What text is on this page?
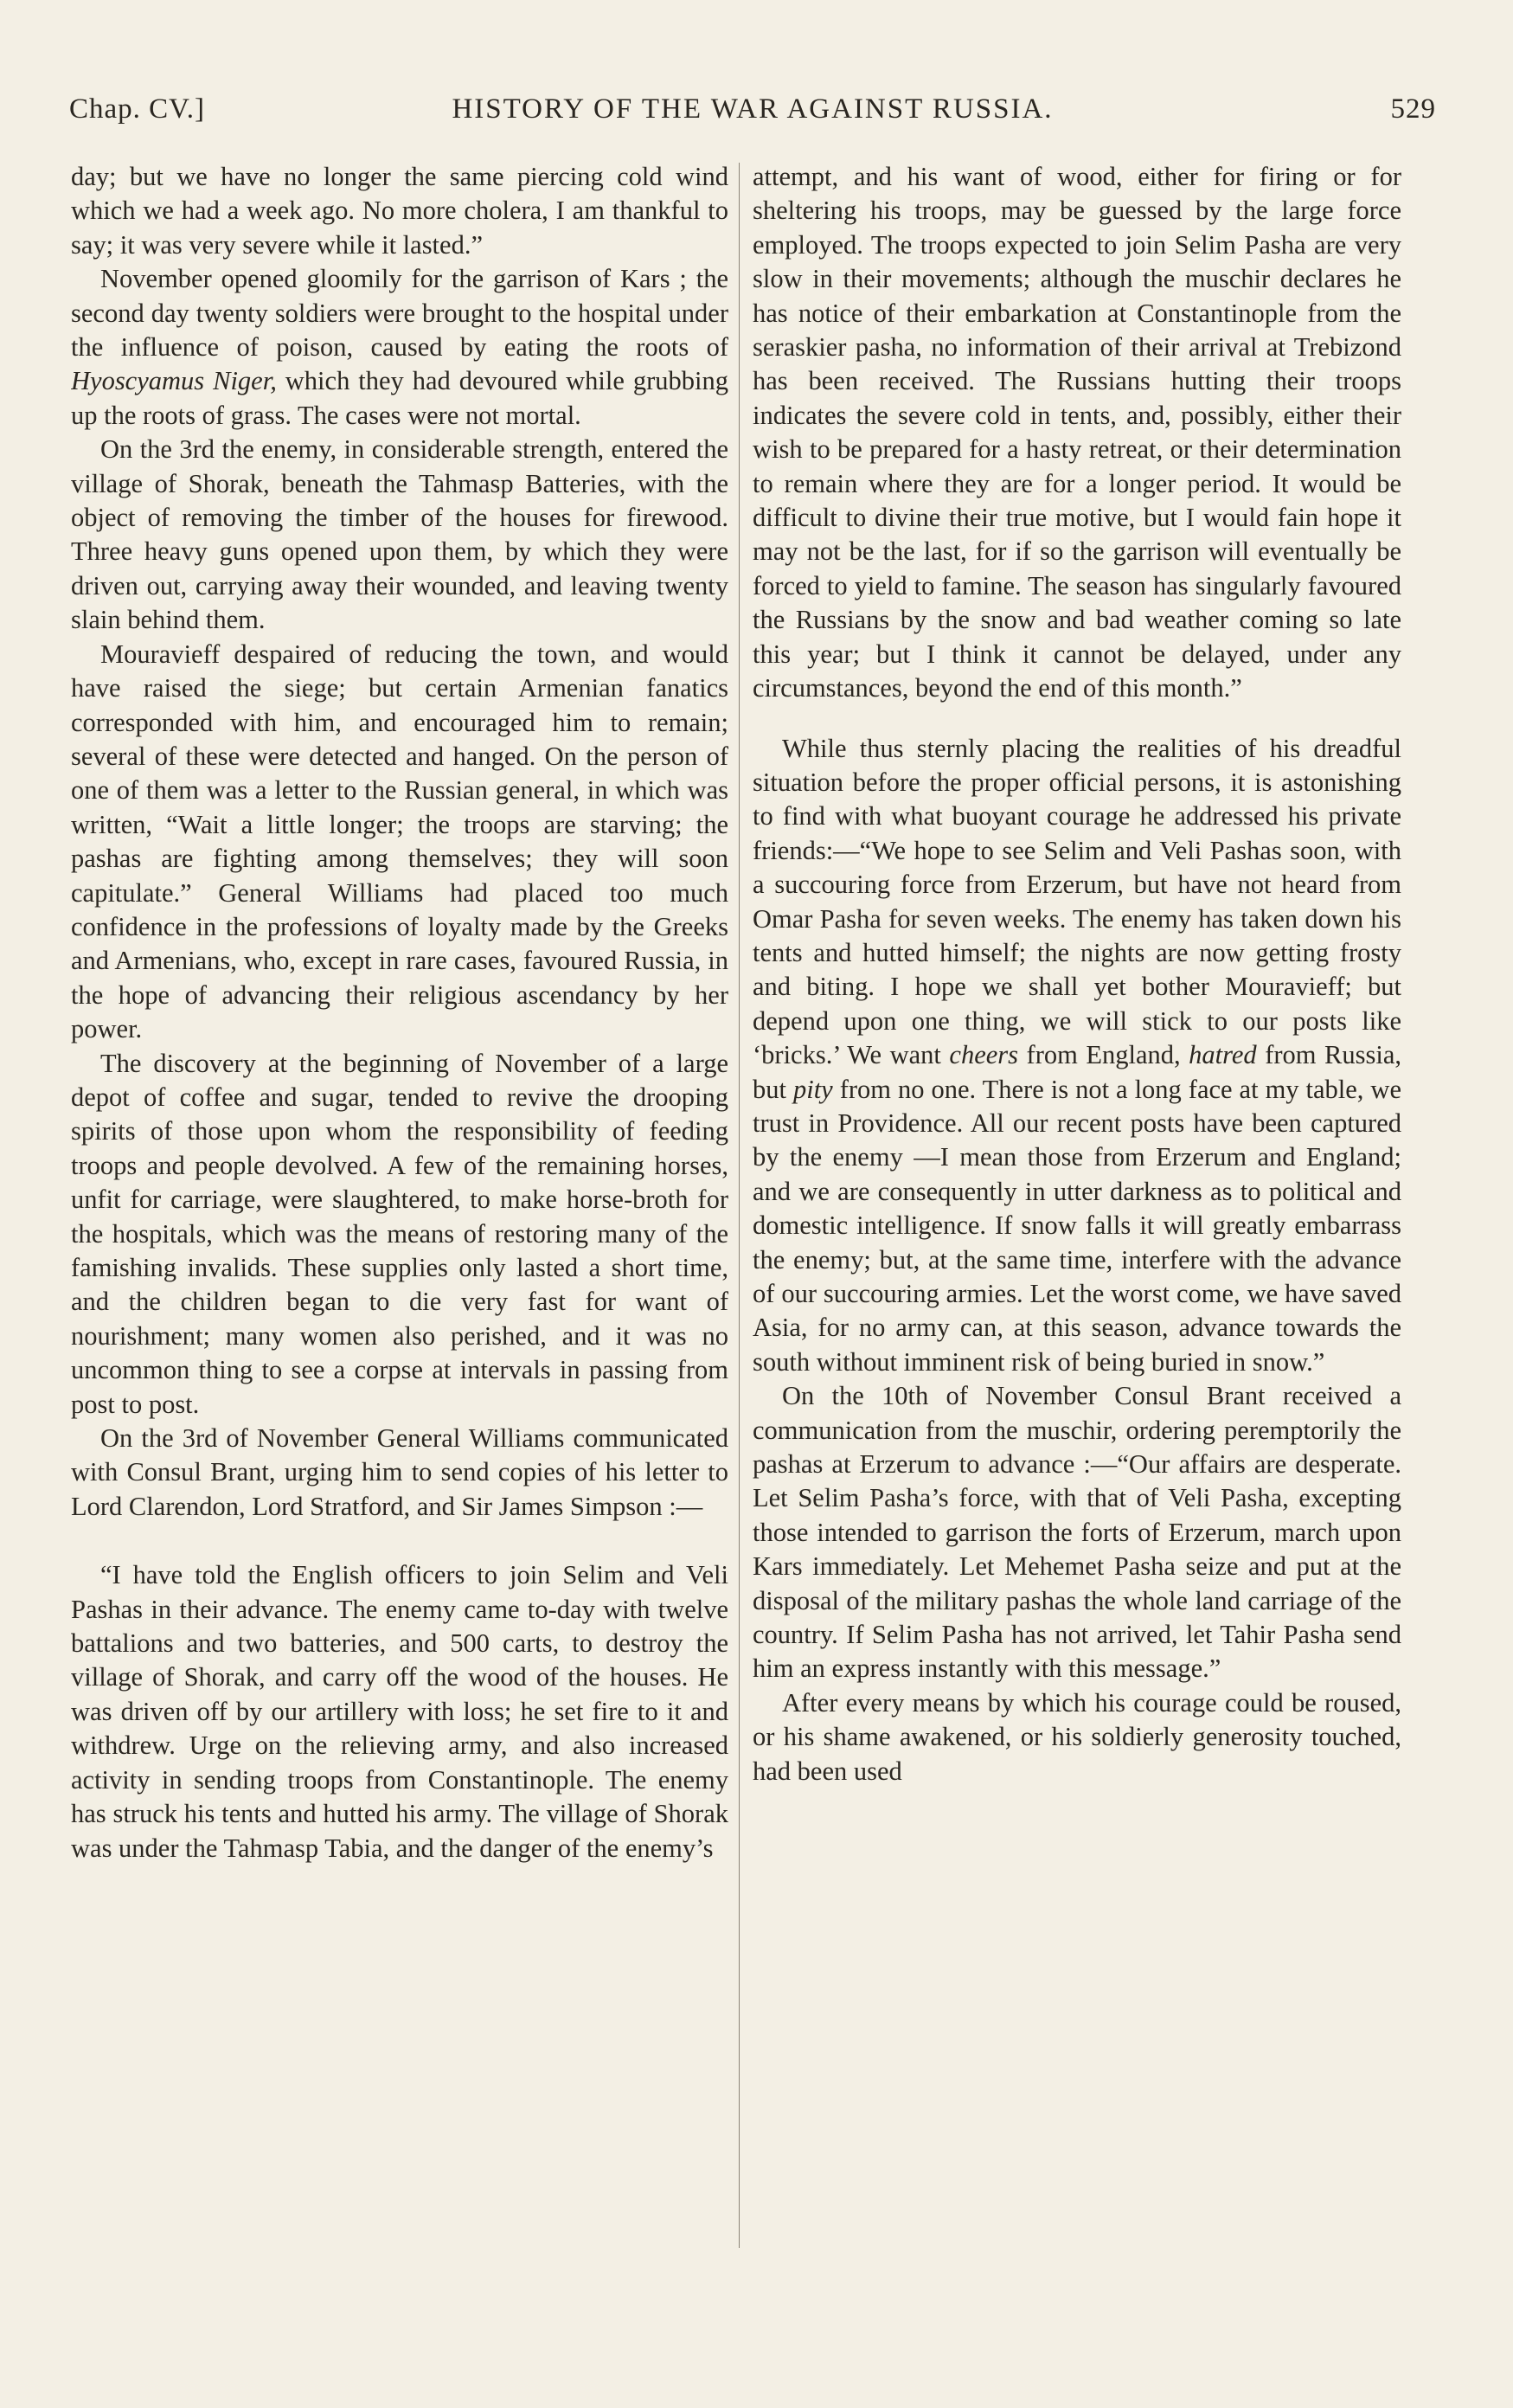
Chap. CV.]	HISTORY OF THE WAR AGAINST RUSSIA.	529

day; but we have no longer the same piercing cold wind which we had a week ago. No more cholera, I am thankful to say; it was very severe while it lasted.”

November opened gloomily for the garrison of Kars ; the second day twenty soldiers were brought to the hospital under the influence of poison, caused by eating the roots of Hyoscyamus Niger, which they had devoured while grubbing up the roots of grass. The cases were not mortal.

On the 3rd the enemy, in considerable strength, entered the village of Shorak, beneath the Tahmasp Batteries, with the object of removing the timber of the houses for firewood. Three heavy guns opened upon them, by which they were driven out, carrying away their wounded, and leaving twenty slain behind them.

Mouravieff despaired of reducing the town, and would have raised the siege; but certain Armenian fanatics corresponded with him, and encouraged him to remain; several of these were detected and hanged. On the person of one of them was a letter to the Russian general, in which was written, “Wait a little longer; the troops are starving; the pashas are fighting among themselves; they will soon capitulate.” General Williams had placed too much confidence in the professions of loyalty made by the Greeks and Armenians, who, except in rare cases, favoured Russia, in the hope of advancing their religious ascendancy by her power.

The discovery at the beginning of November of a large depot of coffee and sugar, tended to revive the drooping spirits of those upon whom the responsibility of feeding troops and people devolved. A few of the remaining horses, unfit for carriage, were slaughtered, to make horse-broth for the hospitals, which was the means of restoring many of the famishing invalids. These supplies only lasted a short time, and the children began to die very fast for want of nourishment; many women also perished, and it was no uncommon thing to see a corpse at intervals in passing from post to post.

On the 3rd of November General Williams communicated with Consul Brant, urging him to send copies of his letter to Lord Clarendon, Lord Stratford, and Sir James Simpson :—

“I have told the English officers to join Selim and Veli Pashas in their advance. The enemy came to-day with twelve battalions and two batteries, and 500 carts, to destroy the village of Shorak, and carry off the wood of the houses. He was driven off by our artillery with loss; he set fire to it and withdrew. Urge on the relieving army, and also increased activity in sending troops from Constantinople. The enemy has struck his tents and hutted his army. The village of Shorak was under the Tahmasp Tabia, and the danger of the enemy’s

attempt, and his want of wood, either for firing or for sheltering his troops, may be guessed by the large force employed. The troops expected to join Selim Pasha are very slow in their movements; although the muschir declares he has notice of their embarkation at Constantinople from the seraskier pasha, no information of their arrival at Trebizond has been received. The Russians hutting their troops indicates the severe cold in tents, and, possibly, either their wish to be prepared for a hasty retreat, or their determination to remain where they are for a longer period. It would be difficult to divine their true motive, but I would fain hope it may not be the last, for if so the garrison will eventually be forced to yield to famine. The season has singularly favoured the Russians by the snow and bad weather coming so late this year; but I think it cannot be delayed, under any circumstances, beyond the end of this month.”

While thus sternly placing the realities of his dreadful situation before the proper official persons, it is astonishing to find with what buoyant courage he addressed his private friends:—“We hope to see Selim and Veli Pashas soon, with a succouring force from Erzerum, but have not heard from Omar Pasha for seven weeks. The enemy has taken down his tents and hutted himself; the nights are now getting frosty and biting. I hope we shall yet bother Mouravieff; but depend upon one thing, we will stick to our posts like ‘bricks.’ We want cheers from England, hatred from Russia, but pity from no one. There is not a long face at my table, we trust in Providence. All our recent posts have been captured by the enemy —I mean those from Erzerum and England; and we are consequently in utter darkness as to political and domestic intelligence. If snow falls it will greatly embarrass the enemy; but, at the same time, interfere with the advance of our succouring armies. Let the worst come, we have saved Asia, for no army can, at this season, advance towards the south without imminent risk of being buried in snow.”

On the 10th of November Consul Brant received a communication from the muschir, ordering peremptorily the pashas at Erzerum to advance :—“Our affairs are desperate. Let Selim Pasha’s force, with that of Veli Pasha, excepting those intended to garrison the forts of Erzerum, march upon Kars immediately. Let Mehemet Pasha seize and put at the disposal of the military pashas the whole land carriage of the country. If Selim Pasha has not arrived, let Tahir Pasha send him an express instantly with this message.”

After every means by which his courage could be roused, or his shame awakened, or his soldierly generosity touched, had been used
